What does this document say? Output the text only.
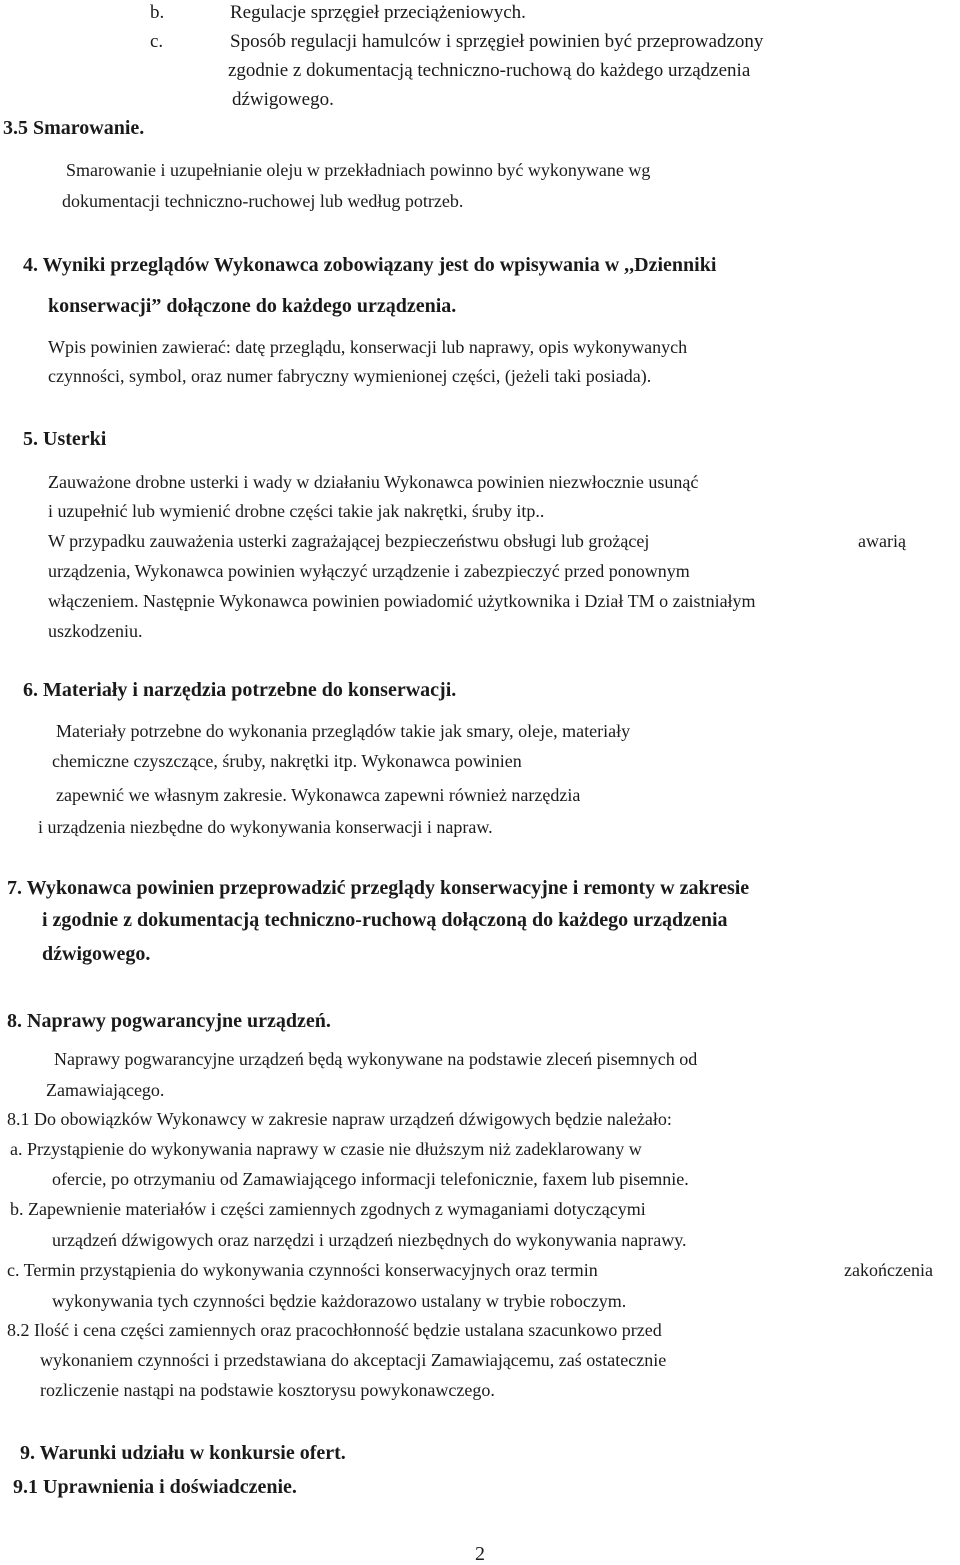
b.	Regulacje sprzęgieł przeciążeniowych.
c.	Sposób regulacji hamulców i sprzęgieł powinien być przeprowadzony
zgodnie z dokumentacją techniczno-ruchową do każdego urządzenia
dźwigowego.
3.5 Smarowanie.
Smarowanie i uzupełnianie oleju w przekładniach powinno być wykonywane wg
dokumentacji techniczno-ruchowej lub według potrzeb.
4. Wyniki przeglądów Wykonawca zobowiązany jest do wpisywania w ,,Dzienniki
konserwacji” dołączone do każdego urządzenia.
Wpis powinien zawierać: datę przeglądu, konserwacji lub naprawy, opis wykonywanych
czynności, symbol, oraz numer fabryczny wymienionej części, (jeżeli taki posiada).
5. Usterki
Zauważone drobne usterki i wady w działaniu Wykonawca powinien niezwłocznie usunąć
i uzupełnić lub wymienić drobne części takie jak nakrętki, śruby itp..
W przypadku zauważenia usterki zagrażającej bezpieczeństwu obsługi lub grożącej	awarią
urządzenia, Wykonawca powinien wyłączyć urządzenie i zabezpieczyć przed ponownym
włączeniem. Następnie Wykonawca powinien powiadomić użytkownika i Dział TM o zaistniałym
uszkodzeniu.
6. Materiały i narzędzia potrzebne do konserwacji.
Materiały potrzebne do wykonania przeglądów takie jak smary, oleje, materiały
chemiczne czyszczące, śruby, nakrętki itp. Wykonawca powinien
zapewnić we własnym zakresie. Wykonawca zapewni również narzędzia
i urządzenia niezbędne do wykonywania konserwacji i napraw.
7. Wykonawca powinien przeprowadzić przeglądy konserwacyjne i remonty w zakresie
i zgodnie z dokumentacją techniczno-ruchową dołączoną do każdego urządzenia
dźwigowego.
8. Naprawy pogwarancyjne urządzeń.
Naprawy pogwarancyjne urządzeń będą wykonywane na podstawie zleceń pisemnych od
Zamawiającego.
8.1 Do obowiązków Wykonawcy w zakresie napraw urządzeń dźwigowych będzie należało:
a. Przystąpienie do wykonywania naprawy w czasie nie dłuższym niż zadeklarowany w
ofercie, po otrzymaniu od Zamawiającego informacji telefonicznie, faxem lub pisemnie.
b. Zapewnienie materiałów i części zamiennych zgodnych z wymaganiami dotyczącymi
urządzeń dźwigowych oraz narzędzi i urządzeń niezbędnych do wykonywania naprawy.
c. Termin przystąpienia do wykonywania czynności konserwacyjnych oraz termin	zakończenia
wykonywania tych czynności będzie każdorazowo ustalany w trybie roboczym.
8.2 Ilość i cena części zamiennych oraz pracochłonność będzie ustalana szacunkowo przed
wykonaniem czynności i przedstawiana do akceptacji Zamawiającemu, zaś ostatecznie
rozliczenie nastąpi na podstawie kosztorysu powykonawczego.
9. Warunki udziału w konkursie ofert.
9.1 Uprawnienia i doświadczenie.
2
